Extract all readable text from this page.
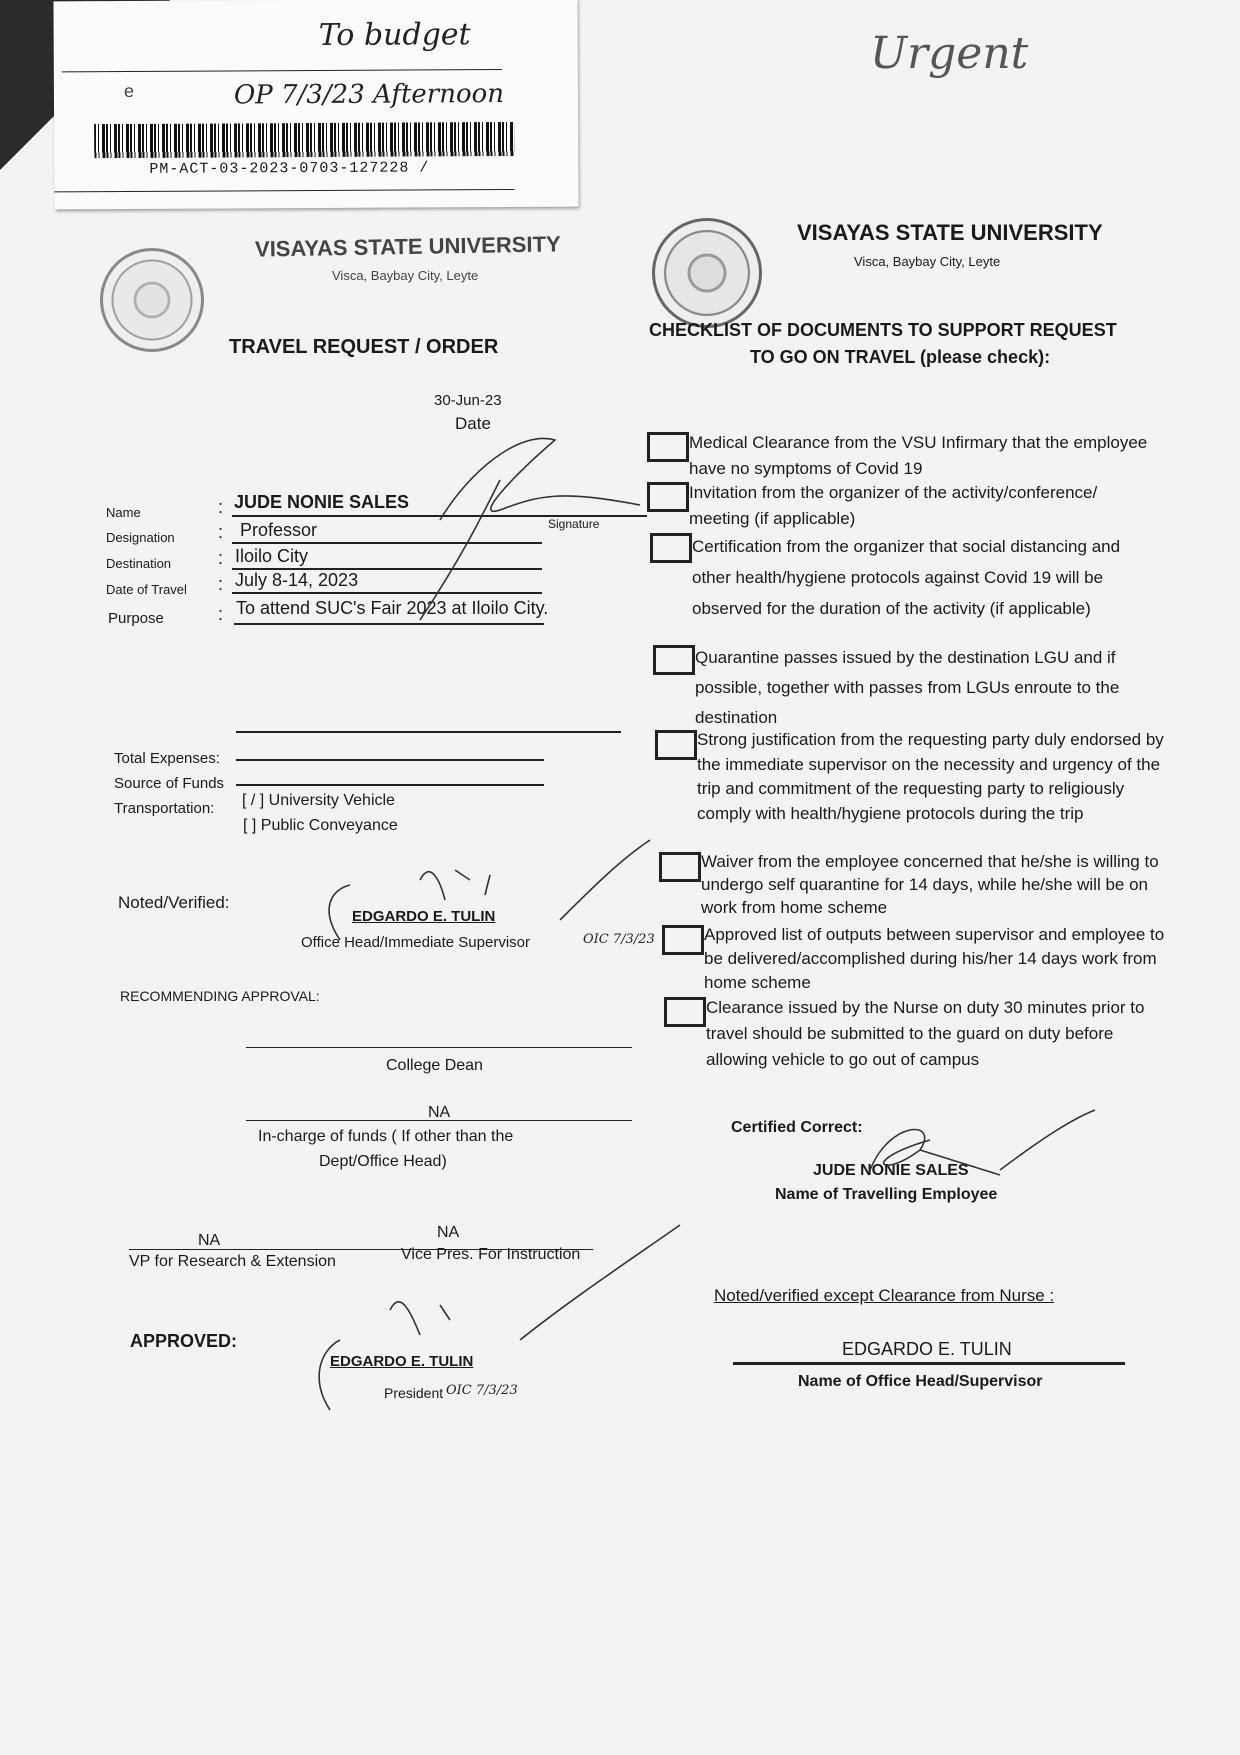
To budget
e	OP 7/3/23 Afternoon
PM-ACT-03-2023-0703-127228 /
Urgent
VISAYAS STATE UNIVERSITY
Visca, Baybay City, Leyte
TRAVEL REQUEST / ORDER
30-Jun-23
Date
Name	: JUDE NONIE SALES
Signature
Designation : Professor
Destination	: Iloilo City
Date of Travel : July 8-14, 2023
Purpose	: To attend SUC's Fair 2023 at Iloilo City.
Total Expenses:
Source of Funds
Transportation: [ / ] University Vehicle
[ ] Public Conveyance
Noted/Verified:
EDGARDO E. TULIN
Office Head/Immediate Supervisor	OIC 7/3/23
RECOMMENDING APPROVAL:
College Dean
NA
In-charge of funds ( If other than the
Dept/Office Head)
NA	NA
VP for Research & Extension	Vice Pres. For Instruction
APPROVED:
EDGARDO E. TULIN
President OIC 7/3/23
VISAYAS STATE UNIVERSITY
Visca, Baybay City, Leyte
CHECKLIST OF DOCUMENTS TO SUPPORT REQUEST
TO GO ON TRAVEL (please check):
Medical Clearance from the VSU Infirmary that the employee have no symptoms of Covid 19
Invitation from the organizer of the activity/conference/ meeting (if applicable)
Certification from the organizer that social distancing and other health/hygiene protocols against Covid 19 will be observed for the duration of the activity (if applicable)
Quarantine passes issued by the destination LGU and if possible, together with passes from LGUs enroute to the destination
Strong justification from the requesting party duly endorsed by the immediate supervisor on the necessity and urgency of the trip and commitment of the requesting party to religiously comply with health/hygiene protocols during the trip
Waiver from the employee concerned that he/she is willing to undergo self quarantine for 14 days, while he/she will be on work from home scheme
Approved list of outputs between supervisor and employee to be delivered/accomplished during his/her 14 days work from home scheme
Clearance issued by the Nurse on duty 30 minutes prior to travel should be submitted to the guard on duty before allowing vehicle to go out of campus
Certified Correct:
JUDE NONIE SALES
Name of Travelling Employee
Noted/verified except Clearance from Nurse :
EDGARDO E. TULIN
Name of Office Head/Supervisor
